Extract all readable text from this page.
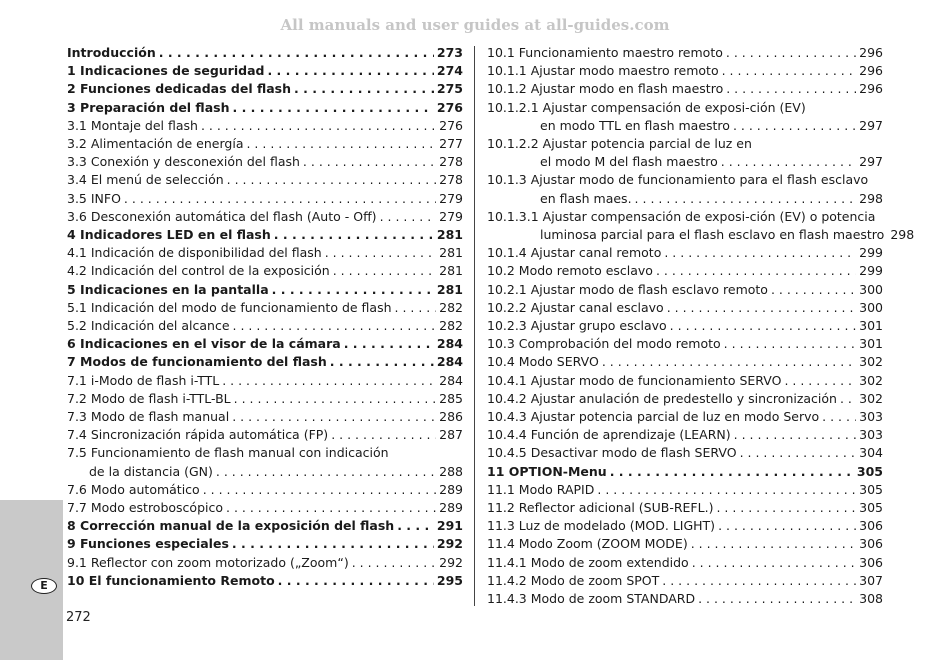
All manuals and user guides at all-guides.com
E
Introducción . . .	273
1 Indicaciones de seguridad . . .	274
2 Funciones dedicadas del flash . . .	275
3 Preparación del flash . . .	276
3.1 Montaje del flash . . .	276
3.2 Alimentación de energía . . .	277
3.3 Conexión y desconexión del flash . . .	278
3.4 El menú de selección . . .	278
3.5 INFO . . .	279
3.6 Desconexión automática del flash (Auto - Off) . . .	279
4 Indicadores LED en el flash . . .	281
4.1 Indicación de disponibilidad del flash . . .	281
4.2 Indicación del control de la exposición . . .	281
5 Indicaciones en la pantalla . . .	281
5.1 Indicación del modo de funcionamiento de flash . . .	282
5.2 Indicación del alcance . . .	282
6 Indicaciones en el visor de la cámara . . .	284
7 Modos de funcionamiento del flash . . .	284
7.1 i-Modo de flash i-TTL . . .	284
7.2 Modo de flash i-TTL-BL . . .	285
7.3 Modo de flash manual . . .	286
7.4 Sincronización rápida automática (FP) . . .	287
7.5 Funcionamiento de flash manual con indicación
de la distancia (GN) . . .	288
7.6 Modo automático . . .	289
7.7 Modo estroboscópico . . .	289
8 Corrección manual de la exposición del flash . . .	291
9 Funciones especiales . . .	292
9.1 Reflector con zoom motorizado („Zoom“) . . .	292
10 El funcionamiento Remoto . . .	295
10.1 Funcionamiento maestro remoto . . .	296
10.1.1 Ajustar modo maestro remoto . . .	296
10.1.2 Ajustar modo en flash maestro . . .	296
10.1.2.1 Ajustar compensación de exposi-ción (EV)
en modo TTL en flash maestro . . .	297
10.1.2.2 Ajustar potencia parcial de luz en
el modo M del flash maestro . . .	297
10.1.3 Ajustar modo de funcionamiento para el flash esclavo
en flash maes. . . .	298
10.1.3.1 Ajustar compensación de exposi-ción (EV) o potencia
luminosa parcial para el flash esclavo en flash maestro 298
10.1.4 Ajustar canal remoto . . .	299
10.2 Modo remoto esclavo . . .	299
10.2.1 Ajustar modo de flash esclavo remoto . . .	300
10.2.2 Ajustar canal esclavo . . .	300
10.2.3 Ajustar grupo esclavo . . .	301
10.3 Comprobación del modo remoto . . .	301
10.4 Modo SERVO . . .	302
10.4.1 Ajustar modo de funcionamiento SERVO . . .	302
10.4.2 Ajustar anulación de predestello y sincronización . . . 302
10.4.3 Ajustar potencia parcial de luz en modo Servo . . .	303
10.4.4 Función de aprendizaje (LEARN) . . .	303
10.4.5 Desactivar modo de flash SERVO . . .	304
11 OPTION-Menu . . .	305
11.1 Modo RAPID . . .	305
11.2 Reflector adicional (SUB-REFL.) . . .	305
11.3 Luz de modelado (MOD. LIGHT) . . .	306
11.4 Modo Zoom (ZOOM MODE) . . .	306
11.4.1 Modo de zoom extendido . . .	306
11.4.2 Modo de zoom SPOT . . .	307
11.4.3 Modo de zoom STANDARD . . .	308
272
